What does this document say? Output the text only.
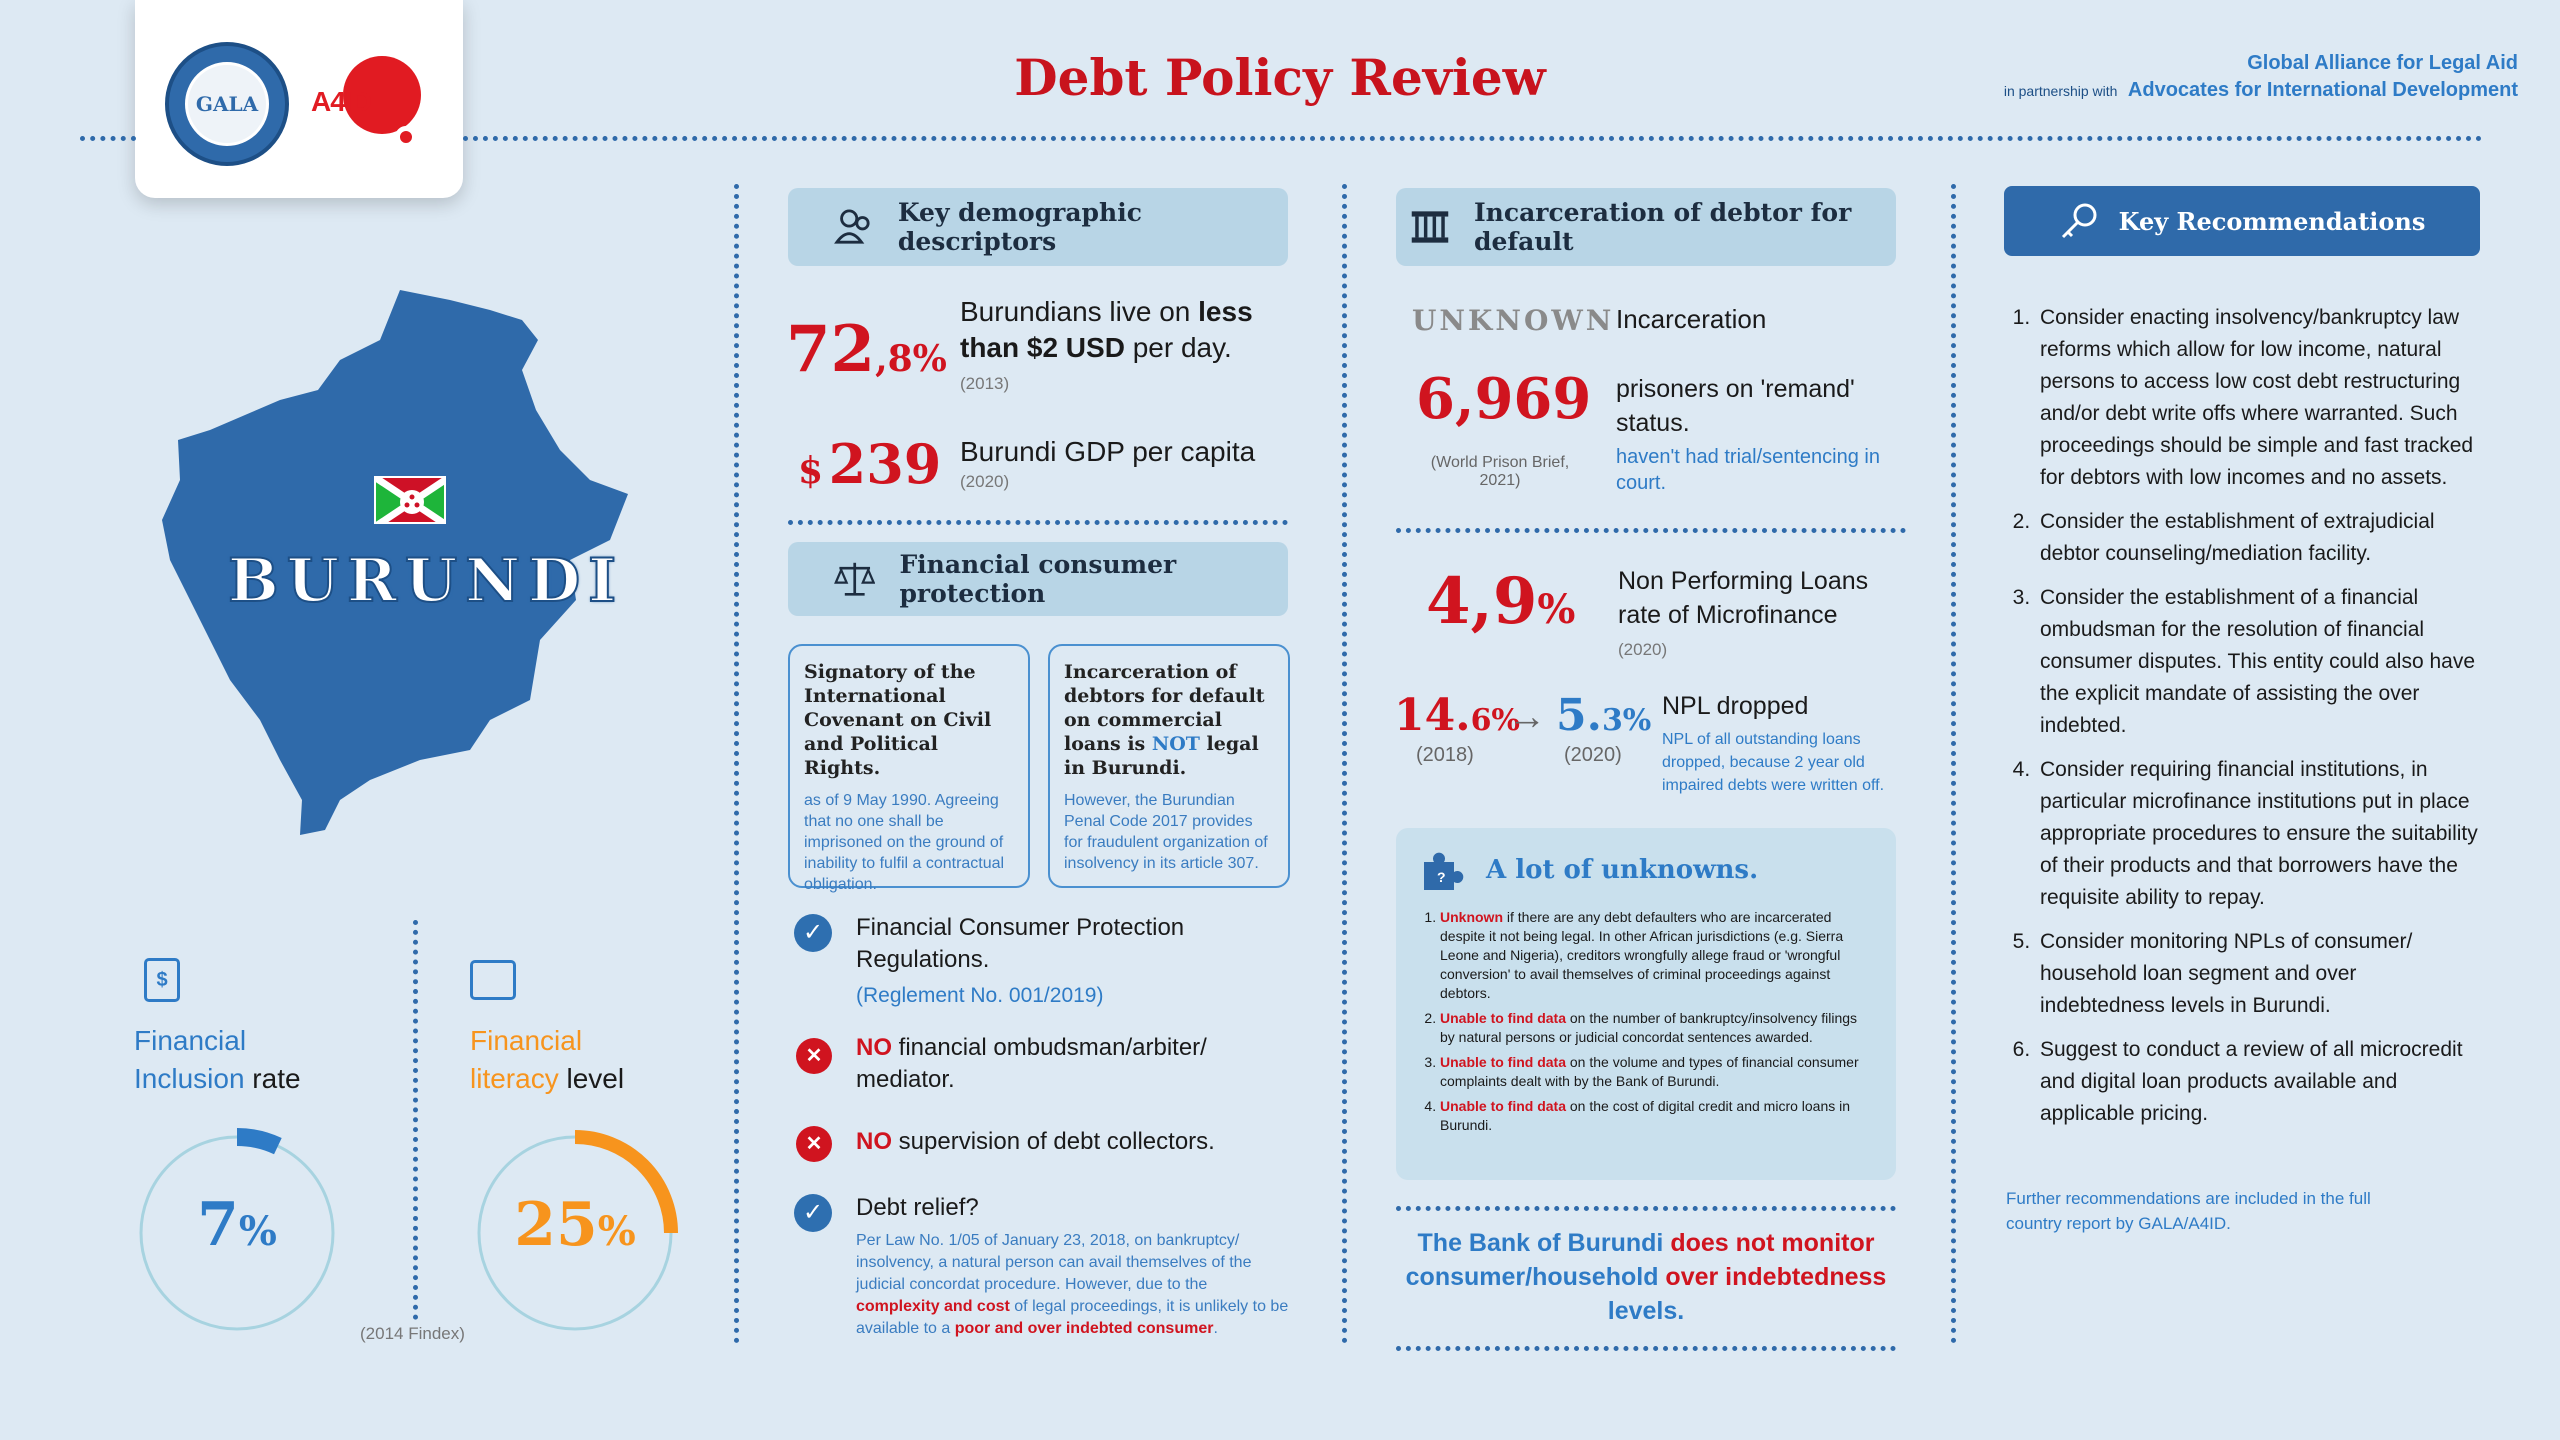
GALA A4ID	Debt Policy Review	Global Alliance for Legal Aid
in partnership with Advocates for International Development
BURUNDI
$
Financial
Inclusion rate
7%
Financial
literacy level
25%
(2014 Findex)
Key demographic descriptors
72,8%
Burundians live on less than $2 USD per day.
(2013)
$ 239 Burundi GDP per capita
(2020)
Financial consumer protection
Signatory of the International Covenant on Civil and Political Rights.

as of 9 May 1990. Agreeing that no one shall be imprisoned on the ground of inability to fulfil a contractual obligation.

Incarceration of debtors for default on commercial loans is NOT legal in Burundi.

However, the Burundian Penal Code 2017 provides for fraudulent organization of insolvency in its article 307.

✓	Financial Consumer Protection Regulations.
(Reglement No. 001/2019)
✕	NO financial ombudsman/arbiter/ mediator.
✕	NO supervision of debt collectors.
✓	Debt relief?
Per Law No. 1/05 of January 23, 2018, on bankruptcy/ insolvency, a natural person can avail themselves of the judicial concordat procedure. However, due to the complexity and cost of legal proceedings, it is unlikely to be available to a poor and over indebted consumer.
Incarceration of debtor for default
UNKNOWN Incarceration
6,969
(World Prison Brief, 2021)
prisoners on 'remand' status.
haven't had trial/sentencing in court.
4,9%
Non Performing Loans rate of Microfinance
(2020)
14.6%
→ 5.3%
(2018)	(2020)
NPL dropped
NPL of all outstanding loans dropped, because 2 year old impaired debts were written off.
? A lot of unknowns.
1. Unknown if there are any debt defaulters who are incarcerated despite it not being legal. In other African jurisdictions (e.g. Sierra Leone and Nigeria), creditors wrongfully allege fraud or 'wrongful conversion' to avail themselves of criminal proceedings against debtors.
2. Unable to find data on the number of bankruptcy/insolvency filings by natural persons or judicial concordat sentences awarded.
3. Unable to find data on the volume and types of financial consumer complaints dealt with by the Bank of Burundi.
4. Unable to find data on the cost of digital credit and micro loans in Burundi.
The Bank of Burundi does not monitor consumer/household over indebtedness levels.
Key Recommendations
1. Consider enacting insolvency/bankruptcy law reforms which allow for low income, natural persons to access low cost debt restructuring and/or debt write offs where warranted. Such proceedings should be simple and fast tracked for debtors with low incomes and no assets.
2. Consider the establishment of extrajudicial debtor counseling/mediation facility.
3. Consider the establishment of a financial ombudsman for the resolution of financial consumer disputes. This entity could also have the explicit mandate of assisting the over indebted.
4. Consider requiring financial institutions, in particular microfinance institutions put in place appropriate procedures to ensure the suitability of their products and that borrowers have the requisite ability to repay.
5. Consider monitoring NPLs of consumer/ household loan segment and over indebtedness levels in Burundi.
6. Suggest to conduct a review of all microcredit and digital loan products available and applicable pricing.
Further recommendations are included in the full country report by GALA/A4ID.
